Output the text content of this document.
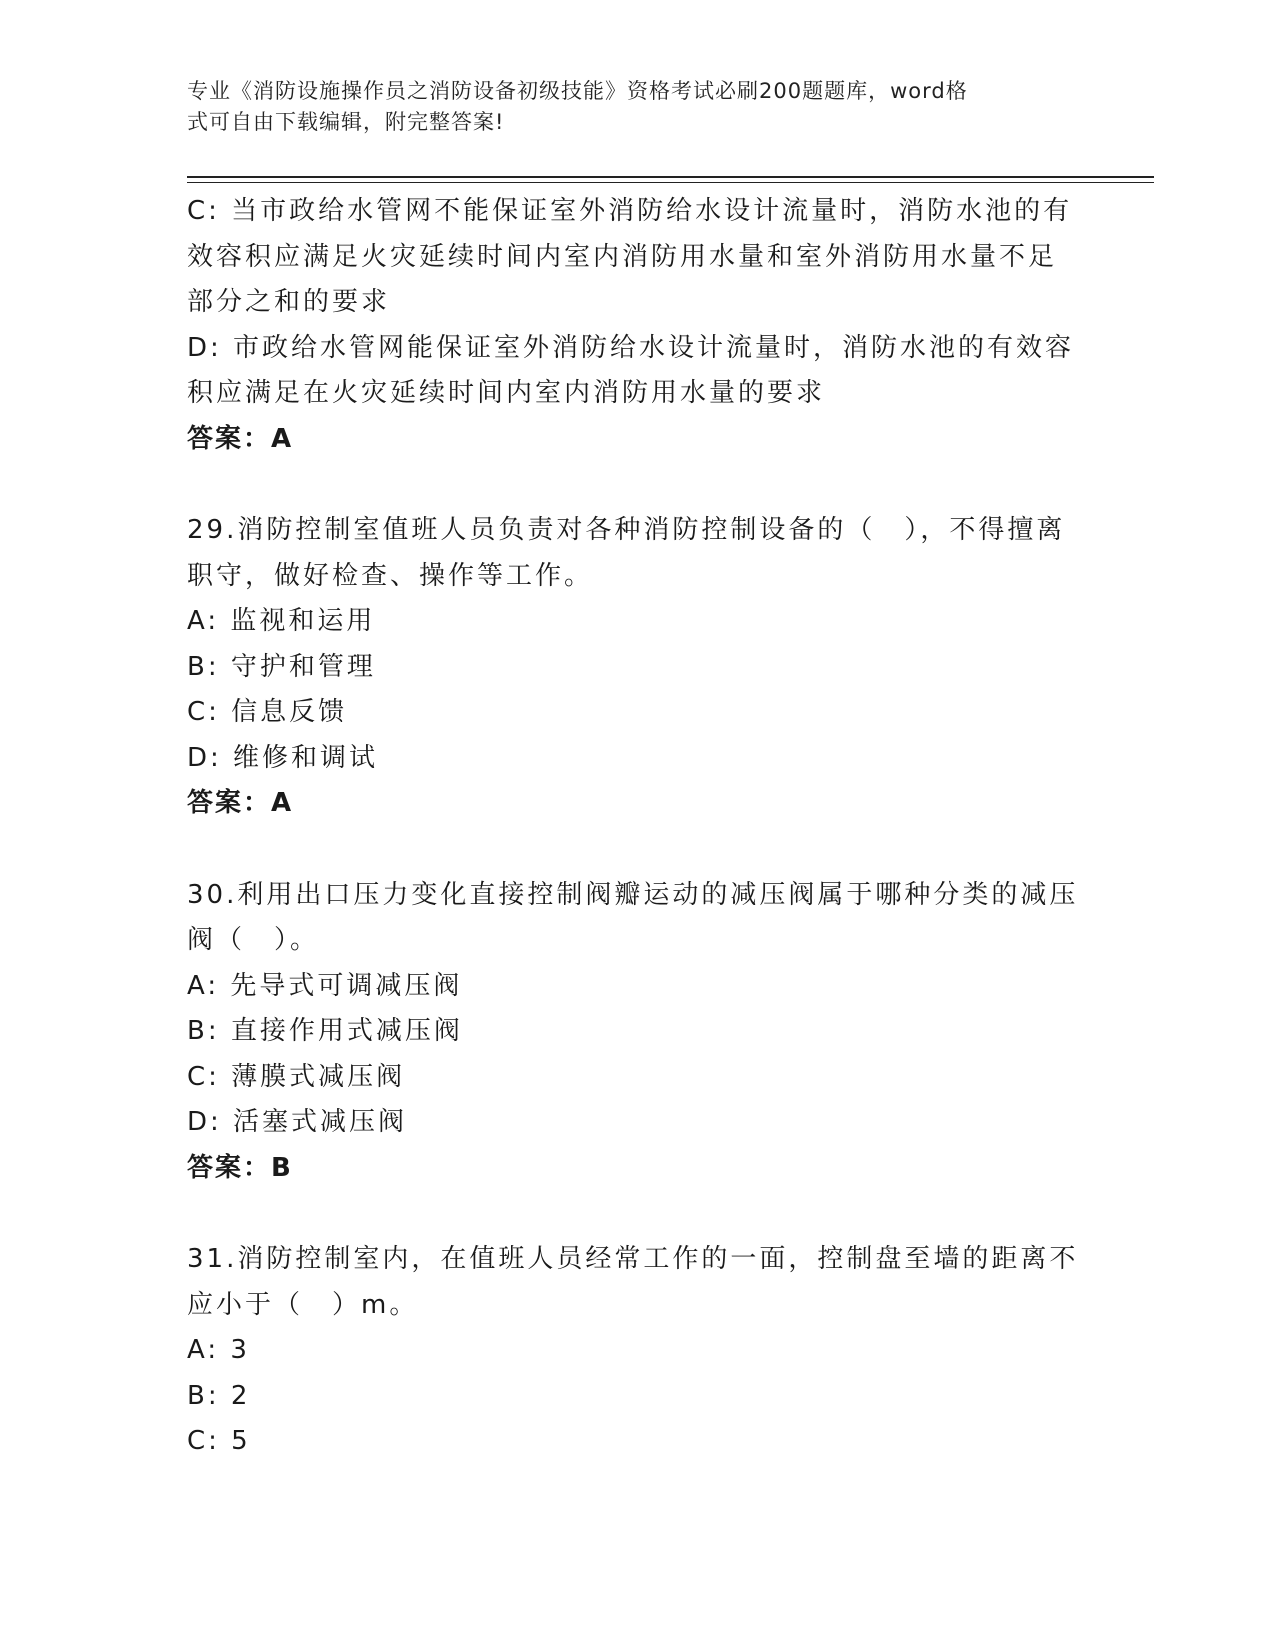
专业《消防设施操作员之消防设备初级技能》资格考试必刷200题题库，word格
式可自由下载编辑，附完整答案!
C: 当市政给水管网不能保证室外消防给水设计流量时，消防水池的有
效容积应满足火灾延续时间内室内消防用水量和室外消防用水量不足
部分之和的要求
D: 市政给水管网能保证室外消防给水设计流量时，消防水池的有效容
积应满足在火灾延续时间内室内消防用水量的要求
答案：A
29.消防控制室值班人员负责对各种消防控制设备的（　），不得擅离
职守，做好检查、操作等工作。
A: 监视和运用
B: 守护和管理
C: 信息反馈
D: 维修和调试
答案：A
30.利用出口压力变化直接控制阀瓣运动的减压阀属于哪种分类的减压
阀（　）。
A: 先导式可调减压阀
B: 直接作用式减压阀
C: 薄膜式减压阀
D: 活塞式减压阀
答案：B
31.消防控制室内，在值班人员经常工作的一面，控制盘至墙的距离不
应小于（　）m。
A: 3
B: 2
C: 5
